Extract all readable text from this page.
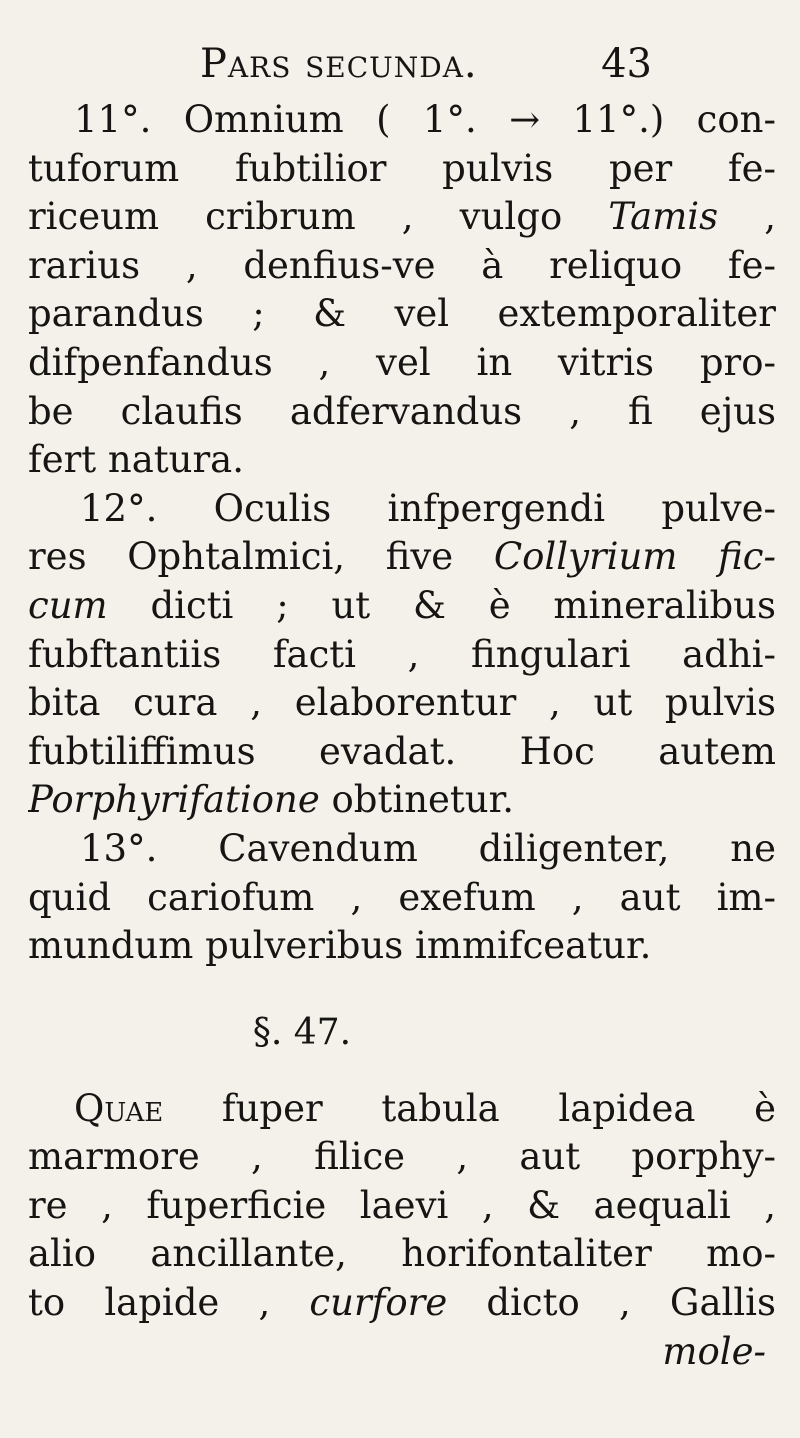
Pars secunda.	43
11°. Omnium ( 1°. → 11°.) con-
tuforum fubtilior pulvis per fe-
riceum cribrum , vulgo Tamis ,
rarius , denfius-ve à reliquo fe-
parandus ; & vel extemporaliter
difpenfandus , vel in vitris pro-
be claufis adfervandus , fi ejus
fert natura.
12°. Oculis infpergendi pulve-
res Ophtalmici, five Collyrium fic-
cum dicti ; ut & è mineralibus
fubftantiis facti , fingulari adhi-
bita cura , elaborentur , ut pulvis
fubtiliffimus evadat. Hoc autem
Porphyrifatione obtinetur.
13°. Cavendum diligenter, ne
quid cariofum , exefum , aut im-
mundum pulveribus immifceatur.
§. 47.
Quae fuper tabula lapidea è
marmore , filice , aut porphy-
re , fuperficie laevi , & aequali ,
alio ancillante, horifontaliter mo-
to lapide , curfore dicto , Gallis
mole-
